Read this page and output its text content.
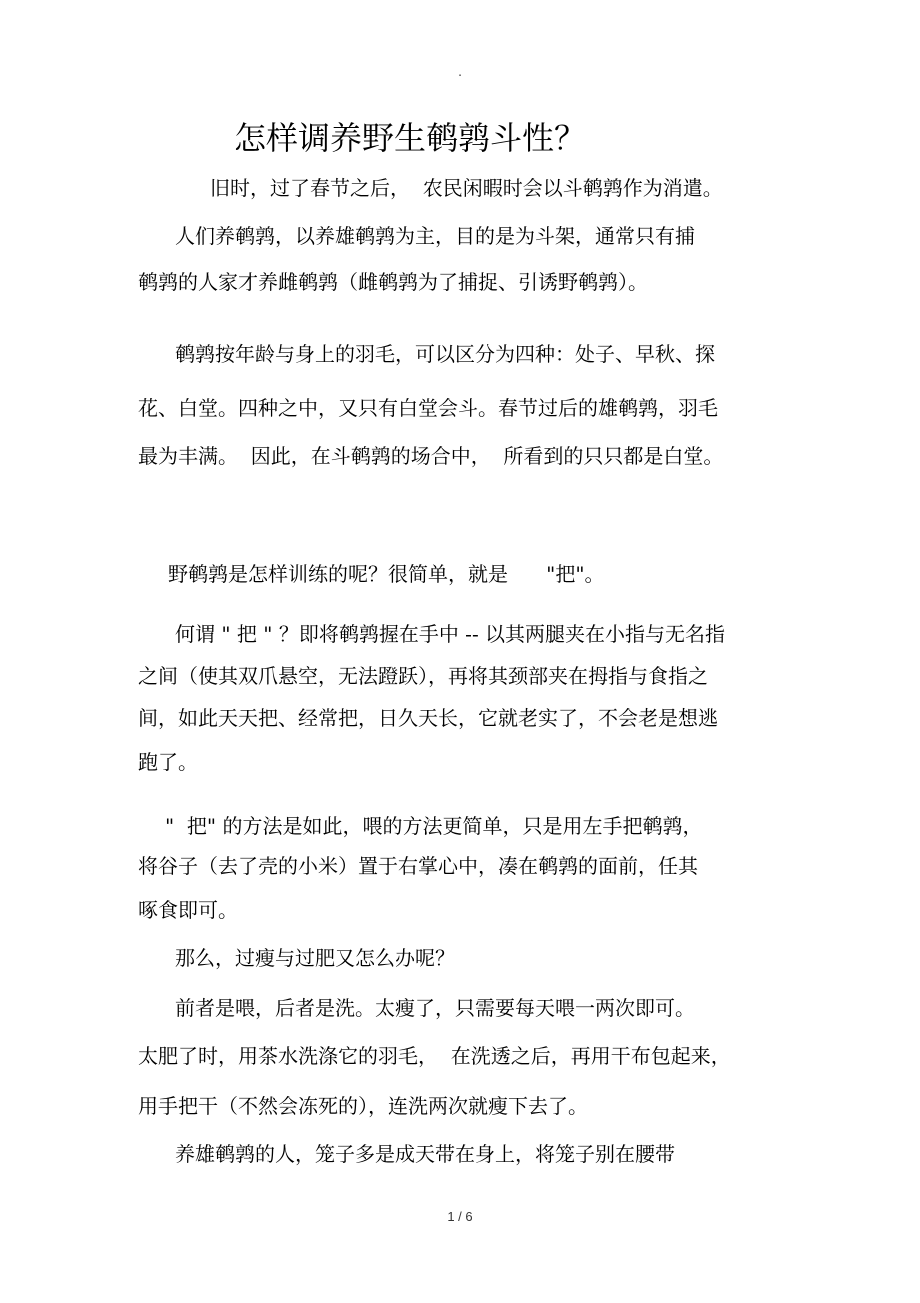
.
怎样调养野生鹌鹑斗性？
旧时，过了春节之后，  农民闲暇时会以斗鹌鹑作为消遣。
人们养鹌鹑，以养雄鹌鹑为主，目的是为斗架，通常只有捕
鹌鹑的人家才养雌鹌鹑（雌鹌鹑为了捕捉、引诱野鹌鹑）。
鹌鹑按年龄与身上的羽毛，可以区分为四种：处子、早秋、探
花、白堂。四种之中，又只有白堂会斗。春节过后的雄鹌鹑，羽毛
最为丰满。  因此，在斗鹌鹑的场合中，  所看到的只只都是白堂。
野鹌鹑是怎样训练的呢？很简单，就是      "把"。
何谓 " 把 " ？即将鹌鹑握在手中 -- 以其两腿夹在小指与无名指
之间（使其双爪悬空，无法蹬跃），再将其颈部夹在拇指与食指之
间，如此天天把、经常把，日久天长，它就老实了，不会老是想逃
跑了。
"  把" 的方法是如此，喂的方法更简单，只是用左手把鹌鹑，
将谷子（去了壳的小米）置于右掌心中，凑在鹌鹑的面前，任其
啄食即可。
那么，过瘦与过肥又怎么办呢？
前者是喂，后者是洗。太瘦了，只需要每天喂一两次即可。
太肥了时，用茶水洗涤它的羽毛，  在洗透之后，再用干布包起来，
用手把干（不然会冻死的），连洗两次就瘦下去了。
养雄鹌鹑的人，笼子多是成天带在身上，将笼子别在腰带
1 / 6
